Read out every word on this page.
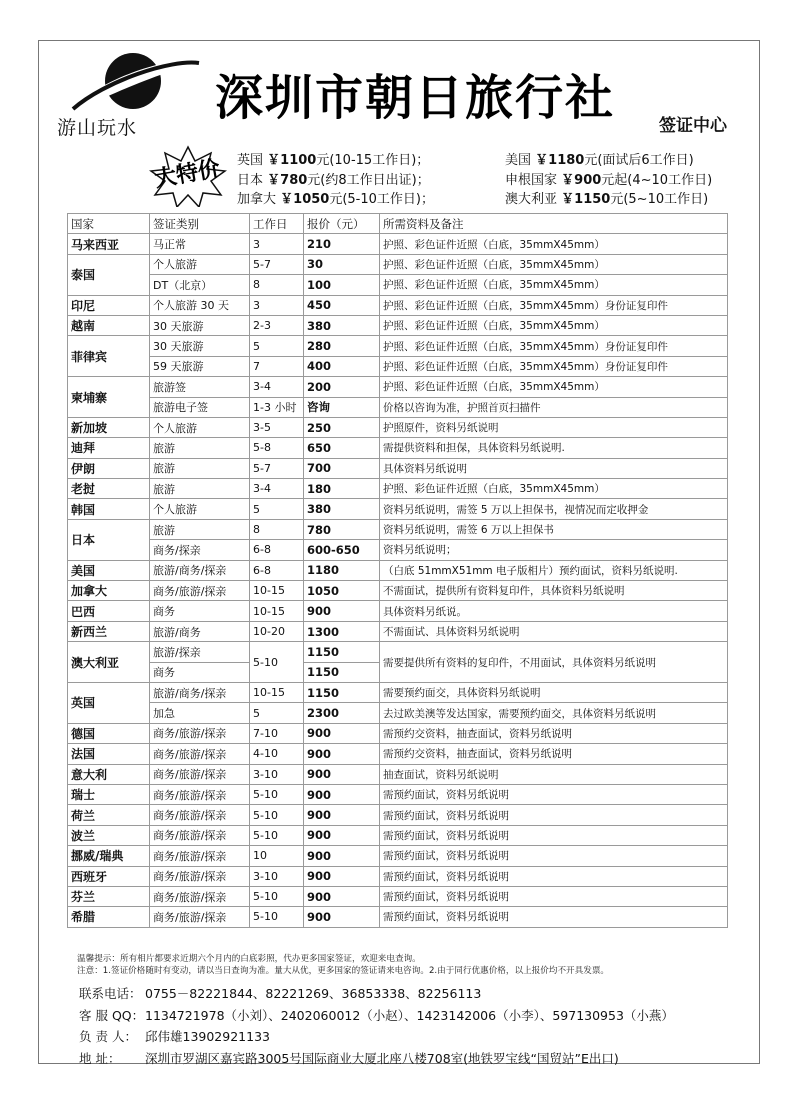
游山玩水
深圳市朝日旅行社	签证中心
大特价 英国 ￥1100元(10-15工作日)；	美国 ￥1180元(面试后6工作日)
日本 ￥780元(约8工作日出证)；	申根国家 ￥900元起(4~10工作日)
加拿大 ￥1050元(5-10工作日)；	澳大利亚 ￥1150元(5~10工作日)
国家	签证类别	工作日	报价（元）	所需资料及备注
马来西亚	马正常	3	210	护照、彩色证件近照（白底，35mmX45mm）
泰国	个人旅游	5-7	30	护照、彩色证件近照（白底，35mmX45mm）
	DT（北京）	8	100	护照、彩色证件近照（白底，35mmX45mm）
印尼	个人旅游 30 天	3	450	护照、彩色证件近照（白底，35mmX45mm）身份证复印件
越南	30 天旅游	2-3	380	护照、彩色证件近照（白底，35mmX45mm）
菲律宾	30 天旅游	5	280	护照、彩色证件近照（白底，35mmX45mm）身份证复印件
	59 天旅游	7	400	护照、彩色证件近照（白底，35mmX45mm）身份证复印件
柬埔寨	旅游签	3-4	200	护照、彩色证件近照（白底，35mmX45mm）
	旅游电子签	1-3 小时	咨询	价格以咨询为准，护照首页扫描件
新加坡	个人旅游	3-5	250	护照原件，资料另纸说明
迪拜	旅游	5-8	650	需提供资料和担保，具体资料另纸说明.
伊朗	旅游	5-7	700	具体资料另纸说明
老挝	旅游	3-4	180	护照、彩色证件近照（白底，35mmX45mm）
韩国	个人旅游	5	380	资料另纸说明，需签 5 万以上担保书，视情况而定收押金
日本	旅游	8	780	资料另纸说明，需签 6 万以上担保书
	商务/探亲	6-8	600-650	资料另纸说明；
美国	旅游/商务/探亲	6-8	1180	（白底 51mmX51mm 电子版相片）预约面试，资料另纸说明.
加拿大	商务/旅游/探亲	10-15	1050	不需面试，提供所有资料复印件，具体资料另纸说明
巴西	商务	10-15	900	具体资料另纸说。
新西兰	旅游/商务	10-20	1300	不需面试、具体资料另纸说明
澳大利亚	旅游/探亲	5-10	1150	需要提供所有资料的复印件，不用面试，具体资料另纸说明
	商务		1150	
英国	旅游/商务/探亲	10-15	1150	需要预约面交，具体资料另纸说明
	加急	5	2300	去过欧美澳等发达国家，需要预约面交，具体资料另纸说明
德国	商务/旅游/探亲	7-10	900	需预约交资料，抽查面试，资料另纸说明
法国	商务/旅游/探亲	4-10	900	需预约交资料，抽查面试，资料另纸说明
意大利	商务/旅游/探亲	3-10	900	抽查面试，资料另纸说明
瑞士	商务/旅游/探亲	5-10	900	需预约面试，资料另纸说明
荷兰	商务/旅游/探亲	5-10	900	需预约面试，资料另纸说明
波兰	商务/旅游/探亲	5-10	900	需预约面试，资料另纸说明
挪威/瑞典	商务/旅游/探亲	10	900	需预约面试，资料另纸说明
西班牙	商务/旅游/探亲	3-10	900	需预约面试，资料另纸说明
芬兰	商务/旅游/探亲	5-10	900	需预约面试，资料另纸说明
希腊	商务/旅游/探亲	5-10	900	需预约面试，资料另纸说明
温馨提示：所有相片都要求近期六个月内的白底彩照，代办更多国家签证，欢迎来电查询。
注意：1.签证价格随时有变动，请以当日查询为准。量大从优，更多国家的签证请来电咨询。2.由于同行优惠价格，以上报价均不开具发票。
联系电话： 0755－82221844、82221269、36853338、82256113
客 服 QQ：1134721978（小刘）、2402060012（小赵）、1423142006（小李）、597130953（小燕）
负 责 人： 邱伟雄13902921133
地 址： 深圳市罗湖区嘉宾路3005号国际商业大厦北座八楼708室(地铁罗宝线“国贸站”E出口)
